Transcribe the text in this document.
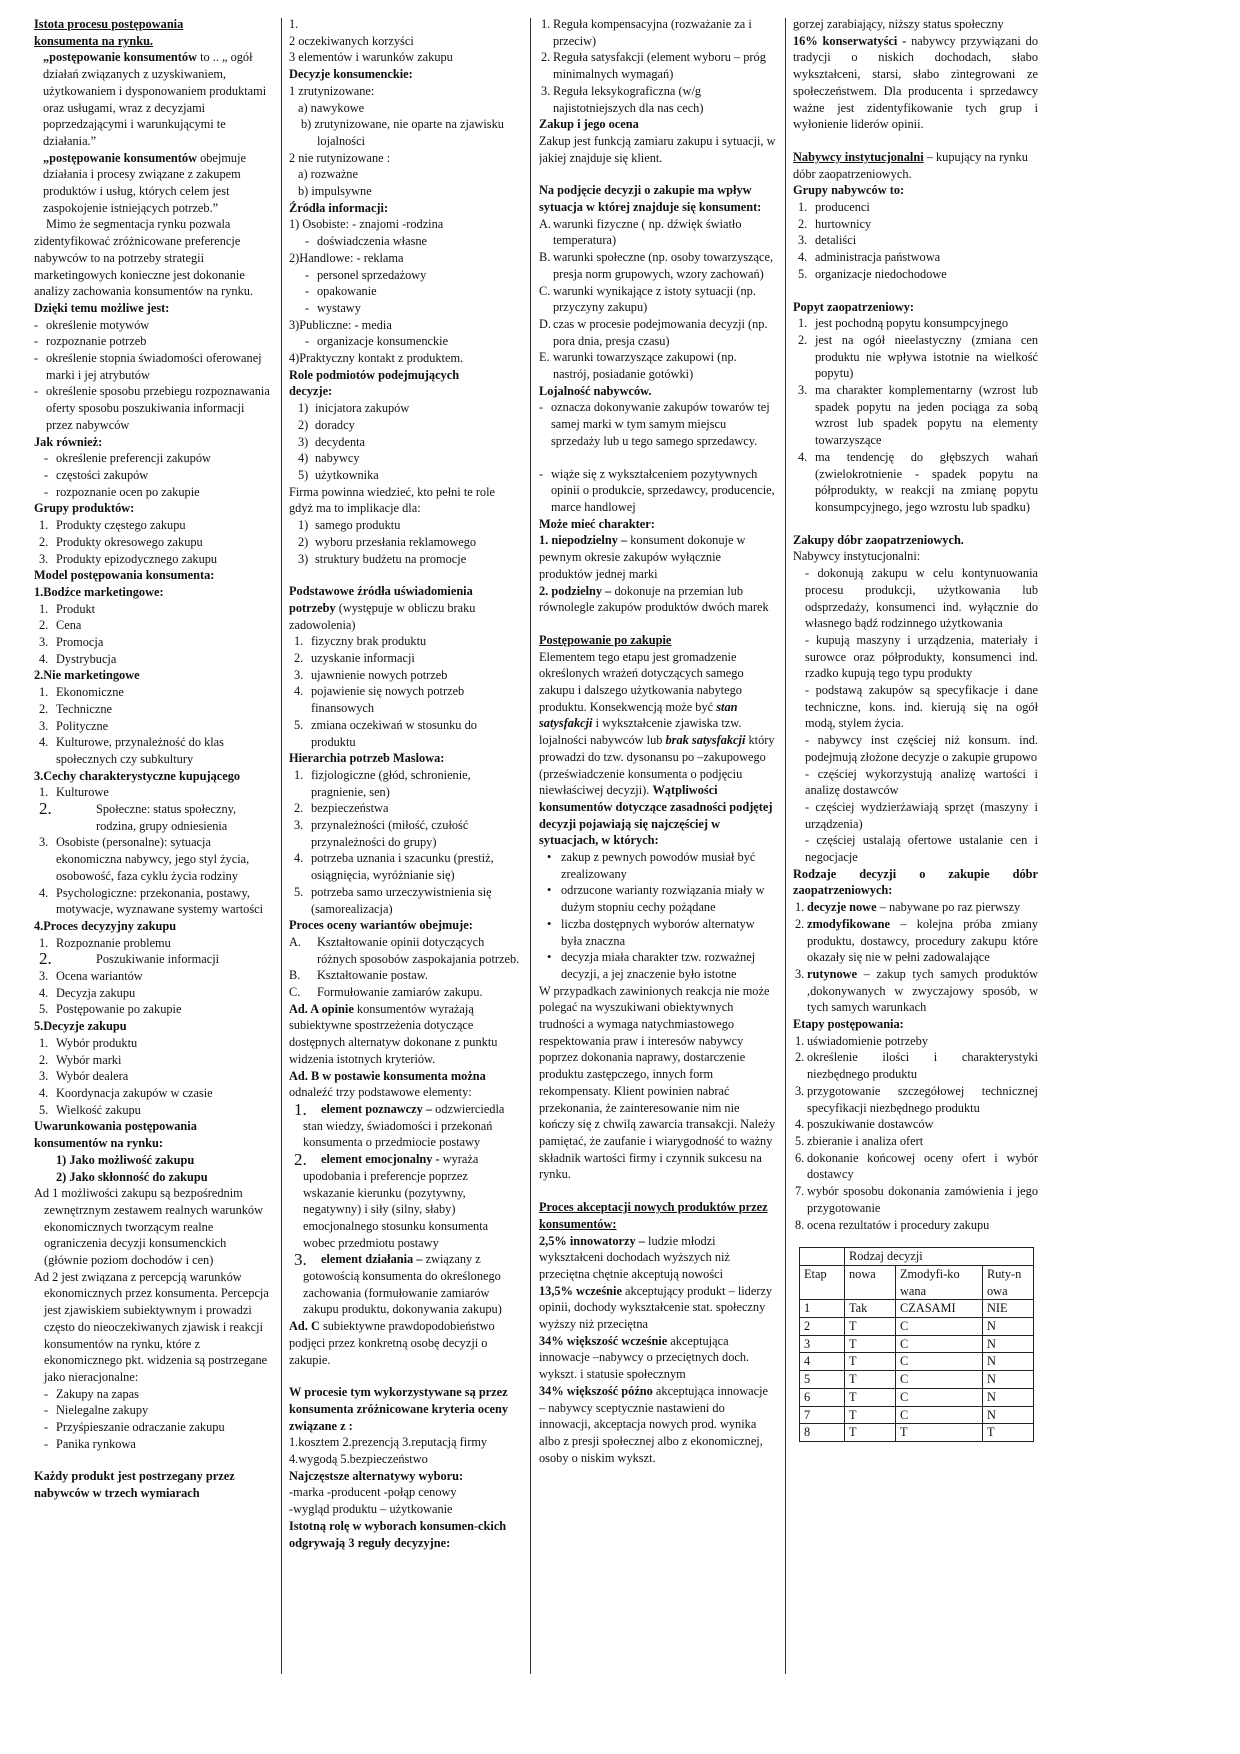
Istota procesu postępowania konsumenta na rynku.

„postępowanie konsumentów to .. „ ogół działań związanych z uzyskiwaniem, użytkowaniem i dysponowaniem produktami oraz usługami, wraz z decyzjami poprzedzającymi i warunkującymi te działania.”

„postępowanie konsumentów obejmuje działania i procesy związane z zakupem produktów i usług, których celem jest zaspokojenie istniejących potrzeb.”

Mimo że segmentacja rynku pozwala zidentyfikować zróżnicowane preferencje nabywców to na potrzeby strategii marketingowych konieczne jest dokonanie analizy zachowania konsumentów na rynku.

Dzięki temu możliwe jest:

- określenie motywów
- rozpoznanie potrzeb
- określenie stopnia świadomości oferowanej marki i jej atrybutów
- określenie sposobu przebiegu rozpoznawania oferty sposobu poszukiwania informacji przez nabywców

Jak również:

- określenie preferencji zakupów
- częstości zakupów
- rozpoznanie ocen po zakupie

Grupy produktów:

1. Produkty częstego zakupu
2. Produkty okresowego zakupu
3. Produkty epizodycznego zakupu

Model postępowania konsumenta:

1.Bodźce marketingowe:

1. Produkt
2. Cena
3. Promocja
4. Dystrybucja

2.Nie marketingowe

1. Ekonomiczne
2. Techniczne
3. Polityczne
4. Kulturowe, przynależność do klas społecznych czy subkultury

3.Cechy charakterystyczne kupującego

1. Kulturowe
2.	Społeczne: status społeczny, rodzina, grupy odniesienia
3. Osobiste (personalne): sytuacja ekonomiczna nabywcy, jego styl życia, osobowość, faza cyklu życia rodziny
4. Psychologiczne: przekonania, postawy, motywacje, wyznawane systemy wartości

4.Proces decyzyjny zakupu

1. Rozpoznanie problemu
2.	Poszukiwanie informacji
3. Ocena wariantów
4. Decyzja zakupu
5. Postępowanie po zakupie

5.Decyzje zakupu

1. Wybór produktu
2. Wybór marki
3. Wybór dealera
4. Koordynacja zakupów w czasie
5. Wielkość zakupu

Uwarunkowania postępowania konsumentów na rynku:

1) Jako możliwość zakupu

2) Jako skłonność do zakupu

Ad 1 możliwości zakupu są bezpośrednim zewnętrznym zestawem realnych warunków ekonomicznych tworzącym realne ograniczenia decyzji konsumenckich (głównie poziom dochodów i cen)

Ad 2 jest związana z percepcją warunków ekonomicznych przez konsumenta. Percepcja jest zjawiskiem subiektywnym i prowadzi często do nieoczekiwanych zjawisk i reakcji konsumentów na rynku, które z ekonomicznego pkt. widzenia są postrzegane jako nieracjonalne:

- Zakupy na zapas
- Nielegalne zakupy
- Przyśpieszanie odraczanie zakupu
- Panika rynkowa

Każdy produkt jest postrzegany przez nabywców w trzech wymiarach

1.

2 oczekiwanych korzyści

3 elementów i warunków zakupu

Decyzje konsumenckie:

1 zrutynizowane:

a) nawykowe

b) zrutynizowane, nie oparte na zjawisku lojalności

2 nie rutynizowane :

a) rozważne

b) impulsywne

Źródła informacji:

1) Osobiste: - znajomi -rodzina

- doświadczenia własne

2)Handlowe: - reklama

- personel sprzedażowy
- opakowanie
- wystawy

3)Publiczne: - media

- organizacje konsumenckie

4)Praktyczny kontakt z produktem.

Role podmiotów podejmujących decyzje:

1) inicjatora zakupów
2) doradcy
3) decydenta
4) nabywcy
5) użytkownika

Firma powinna wiedzieć, kto pełni te role gdyż ma to implikacje dla:

1) samego produktu
2) wyboru przesłania reklamowego
3) struktury budżetu na promocje

Podstawowe źródła uświadomienia potrzeby (występuje w obliczu braku zadowolenia)

1. fizyczny brak produktu
2. uzyskanie informacji
3. ujawnienie nowych potrzeb
4. pojawienie się nowych potrzeb finansowych
5. zmiana oczekiwań w stosunku do produktu

Hierarchia potrzeb Maslowa:

1. fizjologiczne (głód, schronienie, pragnienie, sen)
2. bezpieczeństwa
3. przynależności (miłość, czułość przynależności do grupy)
4. potrzeba uznania i szacunku (prestiż, osiągnięcia, wyróżnianie się)
5. potrzeba samo urzeczywistnienia się (samorealizacja)

Proces oceny wariantów obejmuje:

A. Kształtowanie opinii dotyczących różnych sposobów zaspokajania potrzeb.
B. Kształtowanie postaw.
C. Formułowanie zamiarów zakupu.

Ad. A opinie konsumentów wyrażają subiektywne spostrzeżenia dotyczące dostępnych alternatyw dokonane z punktu widzenia istotnych kryteriów.

Ad. B w postawie konsumenta można odnaleźć trzy podstawowe elementy:

1. element poznawczy – odzwierciedla stan wiedzy, świadomości i przekonań konsumenta o przedmiocie postawy
2. element emocjonalny - wyraża upodobania i preferencje poprzez wskazanie kierunku (pozytywny, negatywny) i siły (silny, słaby) emocjonalnego stosunku konsumenta wobec przedmiotu postawy
3. element działania – związany z gotowością konsumenta do określonego zachowania (formułowanie zamiarów zakupu produktu, dokonywania zakupu)

Ad. C subiektywne prawdopodobieństwo podjęci przez konkretną osobę decyzji o zakupie.

W procesie tym wykorzystywane są przez konsumenta zróżnicowane kryteria oceny związane z :

1.kosztem 2.prezencją 3.reputacją firmy 4.wygodą 5.bezpieczeństwo

Najczęstsze alternatywy wyboru:

-marka -producent -połąp cenowy

-wygląd produktu – użytkowanie

Istotną rolę w wyborach konsumen-ckich odgrywają 3 reguły decyzyjne:

1. Reguła kompensacyjna (rozważanie za i przeciw)
2. Reguła satysfakcji (element wyboru – próg minimalnych wymagań)
3. Reguła leksykograficzna (w/g najistotniejszych dla nas cech)

Zakup i jego ocena

Zakup jest funkcją zamiaru zakupu i sytuacji, w jakiej znajduje się klient.

Na podjęcie decyzji o zakupie ma wpływ sytuacja w której znajduje się konsument:

A. warunki fizyczne ( np. dźwięk światło temperatura)
B. warunki społeczne (np. osoby towarzyszące, presja norm grupowych, wzory zachowań)
C. warunki wynikające z istoty sytuacji (np. przyczyny zakupu)
D. czas w procesie podejmowania decyzji (np. pora dnia, presja czasu)
E. warunki towarzyszące zakupowi (np. nastrój, posiadanie gotówki)

Lojalność nabywców.

- oznacza dokonywanie zakupów towarów tej samej marki w tym samym miejscu sprzedaży lub u tego samego sprzedawcy.
- wiąże się z wykształceniem pozytywnych opinii o produkcie, sprzedawcy, producencie, marce handlowej

Może mieć charakter:

1. niepodzielny – konsument dokonuje w pewnym okresie zakupów wyłącznie produktów jednej marki

2. podzielny – dokonuje na przemian lub równolegle zakupów produktów dwóch marek

Postępowanie po zakupie

Elementem tego etapu jest gromadzenie określonych wrażeń dotyczących samego zakupu i dalszego użytkowania nabytego produktu. Konsekwencją może być stan satysfakcji i wykształcenie zjawiska tzw. lojalności nabywców lub brak satysfakcji który prowadzi do tzw. dysonansu po –zakupowego (przeświadczenie konsumenta o podjęciu niewłaściwej decyzji). Wątpliwości konsumentów dotyczące zasadności podjętej decyzji pojawiają się najczęściej w sytuacjach, w których:

• zakup z pewnych powodów musiał być zrealizowany
• odrzucone warianty rozwiązania miały w dużym stopniu cechy pożądane
• liczba dostępnych wyborów alternatyw była znaczna
• decyzja miała charakter tzw. rozważnej decyzji, a jej znaczenie było istotne

W przypadkach zawinionych reakcja nie może polegać na wyszukiwani obiektywnych trudności a wymaga natychmiastowego respektowania praw i interesów nabywcy poprzez dokonania naprawy, dostarczenie produktu zastępczego, innych form rekompensaty. Klient powinien nabrać przekonania, że zainteresowanie nim nie kończy się z chwilą zawarcia transakcji. Należy pamiętać, że zaufanie i wiarygodność to ważny składnik wartości firmy i czynnik sukcesu na rynku.

Proces akceptacji nowych produktów przez konsumentów:

2,5% innowatorzy – ludzie młodzi wykształceni dochodach wyższych niż przeciętna chętnie akceptują nowości

13,5% wcześnie akceptujący produkt – liderzy opinii, dochody wykształcenie stat. społeczny wyższy niż przeciętna

34% większość wcześnie akceptująca innowacje –nabywcy o przeciętnych doch. wykszt. i statusie społecznym

34% większość późno akceptująca innowacje – nabywcy sceptycznie nastawieni do innowacji, akceptacja nowych prod. wynika albo z presji społecznej albo z ekonomicznej, osoby o niskim wykszt.

gorzej zarabiający, niższy status społeczny

16% konserwatyści - nabywcy przywiązani do tradycji o niskich dochodach, słabo wykształceni, starsi, słabo zintegrowani ze społeczeństwem. Dla producenta i sprzedawcy ważne jest zidentyfikowanie tych grup i wyłonienie liderów opinii.

Nabywcy instytucjonalni – kupujący na rynku dóbr zaopatrzeniowych.

Grupy nabywców to:

1. producenci
2. hurtownicy
3. detaliści
4. administracja państwowa
5. organizacje niedochodowe

Popyt zaopatrzeniowy:

1. jest pochodną popytu konsumpcyjnego
2. jest na ogół nieelastyczny (zmiana cen produktu nie wpływa istotnie na wielkość popytu)
3. ma charakter komplementarny (wzrost lub spadek popytu na jeden pociąga za sobą wzrost lub spadek popytu na elementy towarzyszące
4. ma tendencję do głębszych wahań (zwielokrotnienie - spadek popytu na półprodukty, w reakcji na zmianę popytu konsumpcyjnego, jego wzrostu lub spadku)

Zakupy dóbr zaopatrzeniowych.

Nabywcy instytucjonalni:

- dokonują zakupu w celu kontynuowania procesu produkcji, użytkowania lub odsprzedaży, konsumenci ind. wyłącznie do własnego bądź rodzinnego użytkowania
- kupują maszyny i urządzenia, materiały i surowce oraz półprodukty, konsumenci ind. rzadko kupują tego typu produkty
- podstawą zakupów są specyfikacje i dane techniczne, kons. ind. kierują się na ogół modą, stylem życia.
- nabywcy inst częściej niż konsum. ind. podejmują złożone decyzje o zakupie grupowo
- częściej wykorzystują analizę wartości i analizę dostawców
- częściej wydzierżawiają sprzęt (maszyny i urządzenia)
- częściej ustalają ofertowe ustalanie cen i negocjacje

Rodzaje decyzji o zakupie dóbr zaopatrzeniowych:

1. decyzje nowe – nabywane po raz pierwszy
2. zmodyfikowane – kolejna próba zmiany produktu, dostawcy, procedury zakupu które okazały się nie w pełni zadowalające
3. rutynowe – zakup tych samych produktów ,dokonywanych w zwyczajowy sposób, w tych samych warunkach

Etapy postępowania:

1. uświadomienie potrzeby
2. określenie ilości i charakterystyki niezbędnego produktu
3. przygotowanie szczegółowej technicznej specyfikacji niezbędnego produktu
4. poszukiwanie dostawców
5. zbieranie i analiza ofert
6. dokonanie końcowej oceny ofert i wybór dostawcy
7. wybór sposobu dokonania zamówienia i jego przygotowanie
8. ocena rezultatów i procedury zakupu
	Rodzaj decyzji		
Etap	nowa	Zmodyfi-ko wana	Ruty-n owa
1	Tak	CZASAMI	NIE
2	T	C	N
3	T	C	N
4	T	C	N
5	T	C	N
6	T	C	N
7	T	C	N
8	T	T	T
